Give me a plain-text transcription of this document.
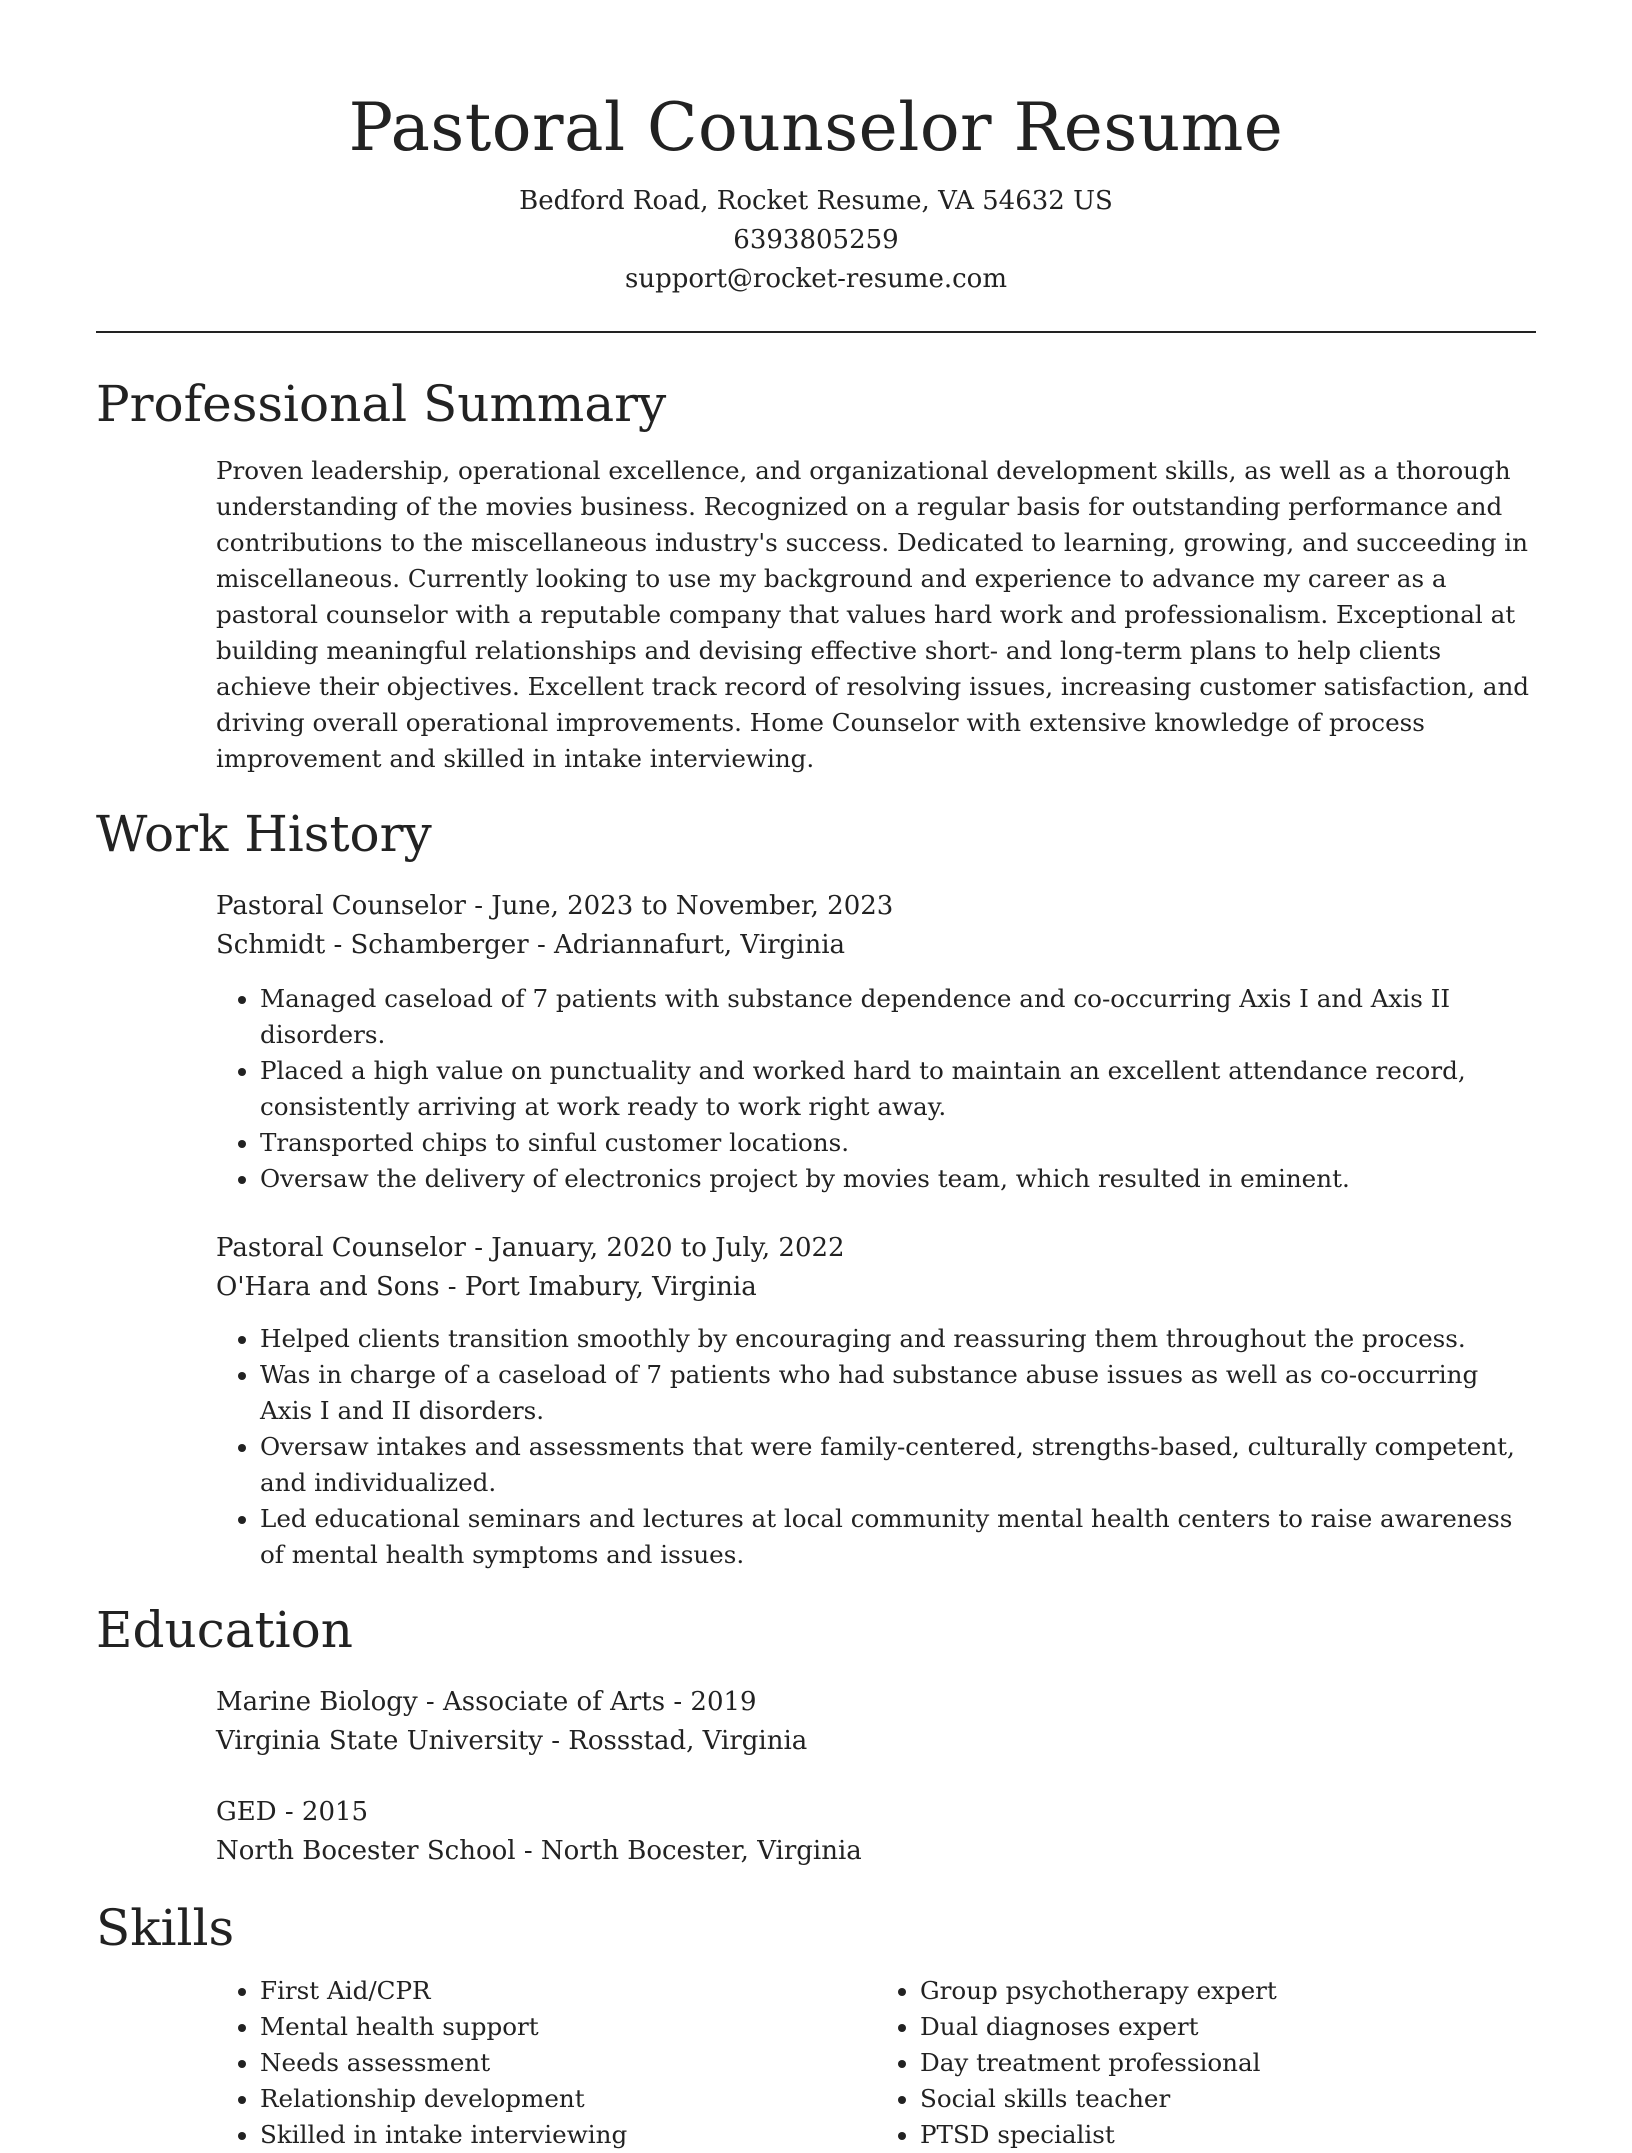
Pastoral Counselor Resume

Bedford Road, Rocket Resume, VA 54632 US

6393805259

support@rocket-resume.com

Professional Summary

Proven leadership, operational excellence, and organizational development skills, as well as a thorough understanding of the movies business. Recognized on a regular basis for outstanding performance and contributions to the miscellaneous industry's success. Dedicated to learning, growing, and succeeding in miscellaneous. Currently looking to use my background and experience to advance my career as a pastoral counselor with a reputable company that values hard work and professionalism. Exceptional at building meaningful relationships and devising effective short- and long-term plans to help clients achieve their objectives. Excellent track record of resolving issues, increasing customer satisfaction, and driving overall operational improvements. Home Counselor with extensive knowledge of process improvement and skilled in intake interviewing.

Work History

Pastoral Counselor - June, 2023 to November, 2023

Schmidt - Schamberger - Adriannafurt, Virginia

• Managed caseload of 7 patients with substance dependence and co-occurring Axis I and Axis II disorders.
• Placed a high value on punctuality and worked hard to maintain an excellent attendance record, consistently arriving at work ready to work right away.
• Transported chips to sinful customer locations.
• Oversaw the delivery of electronics project by movies team, which resulted in eminent.

Pastoral Counselor - January, 2020 to July, 2022

O'Hara and Sons - Port Imabury, Virginia

• Helped clients transition smoothly by encouraging and reassuring them throughout the process.
• Was in charge of a caseload of 7 patients who had substance abuse issues as well as co-occurring Axis I and II disorders.
• Oversaw intakes and assessments that were family-centered, strengths-based, culturally competent, and individualized.
• Led educational seminars and lectures at local community mental health centers to raise awareness of mental health symptoms and issues.
Education

Marine Biology - Associate of Arts - 2019

Virginia State University - Rossstad, Virginia

GED - 2015

North Bocester School - North Bocester, Virginia

Skills
• First Aid/CPR
• Mental health support
• Needs assessment
• Relationship development
• Skilled in intake interviewing
• Group psychotherapy expert
• Dual diagnoses expert
• Day treatment professional
• Social skills teacher
• PTSD specialist
